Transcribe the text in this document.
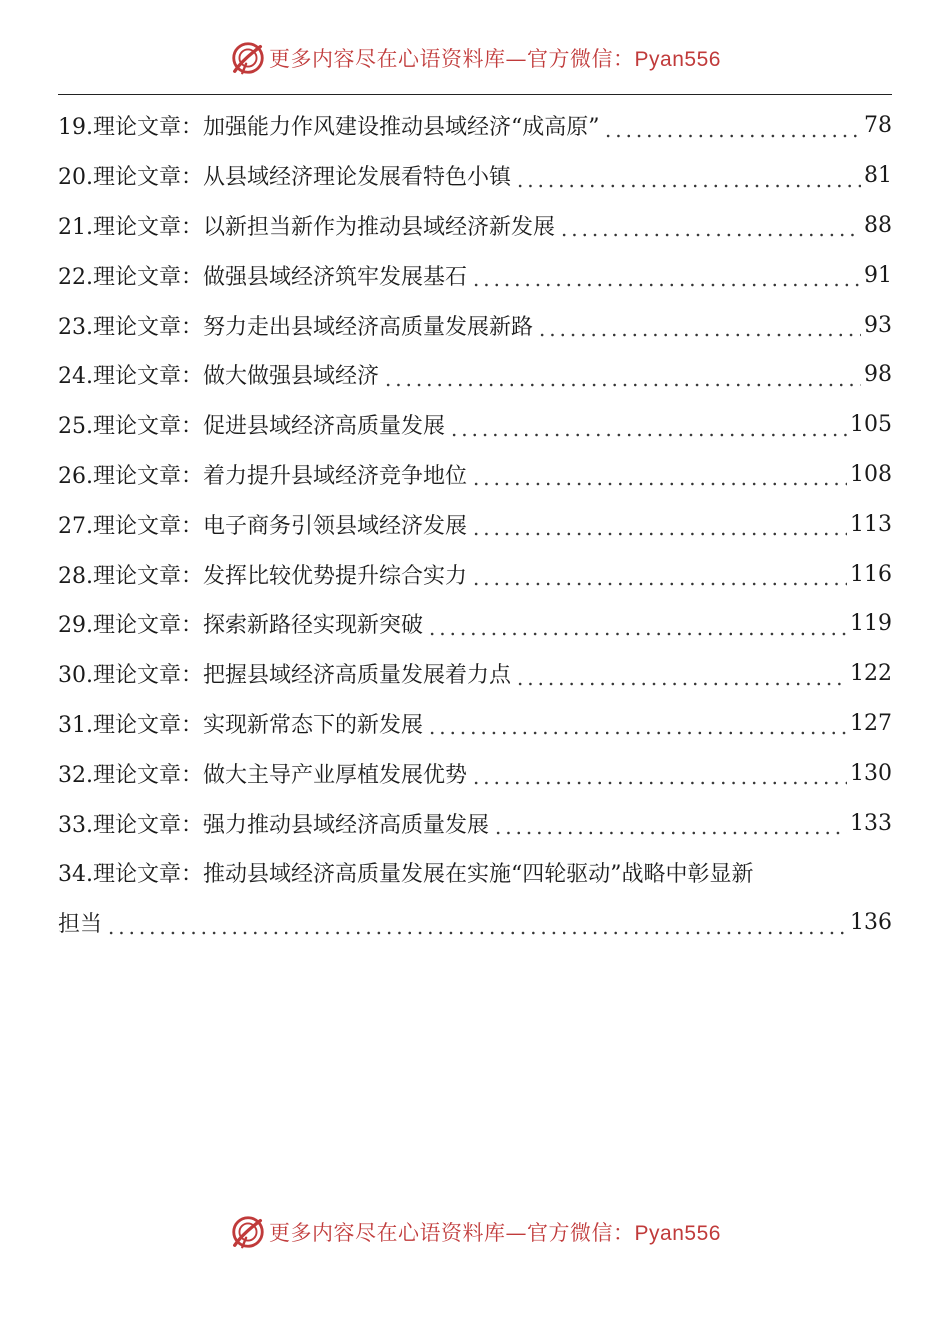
更多内容尽在心语资料库—官方微信：Pyan556
19.理论文章：加强能力作风建设推动县域经济“成高原”	78
20.理论文章：从县域经济理论发展看特色小镇	81
21.理论文章：以新担当新作为推动县域经济新发展	88
22.理论文章：做强县域经济筑牢发展基石	91
23.理论文章：努力走出县域经济高质量发展新路	93
24.理论文章：做大做强县域经济	98
25.理论文章：促进县域经济高质量发展	105
26.理论文章：着力提升县域经济竞争地位	108
27.理论文章：电子商务引领县域经济发展	113
28.理论文章：发挥比较优势提升综合实力	116
29.理论文章：探索新路径实现新突破	119
30.理论文章：把握县域经济高质量发展着力点	122
31.理论文章：实现新常态下的新发展	127
32.理论文章：做大主导产业厚植发展优势	130
33.理论文章：强力推动县域经济高质量发展	133
34.理论文章：推动县域经济高质量发展在实施“四轮驱动”战略中彰显新
担当	136
更多内容尽在心语资料库—官方微信：Pyan556
